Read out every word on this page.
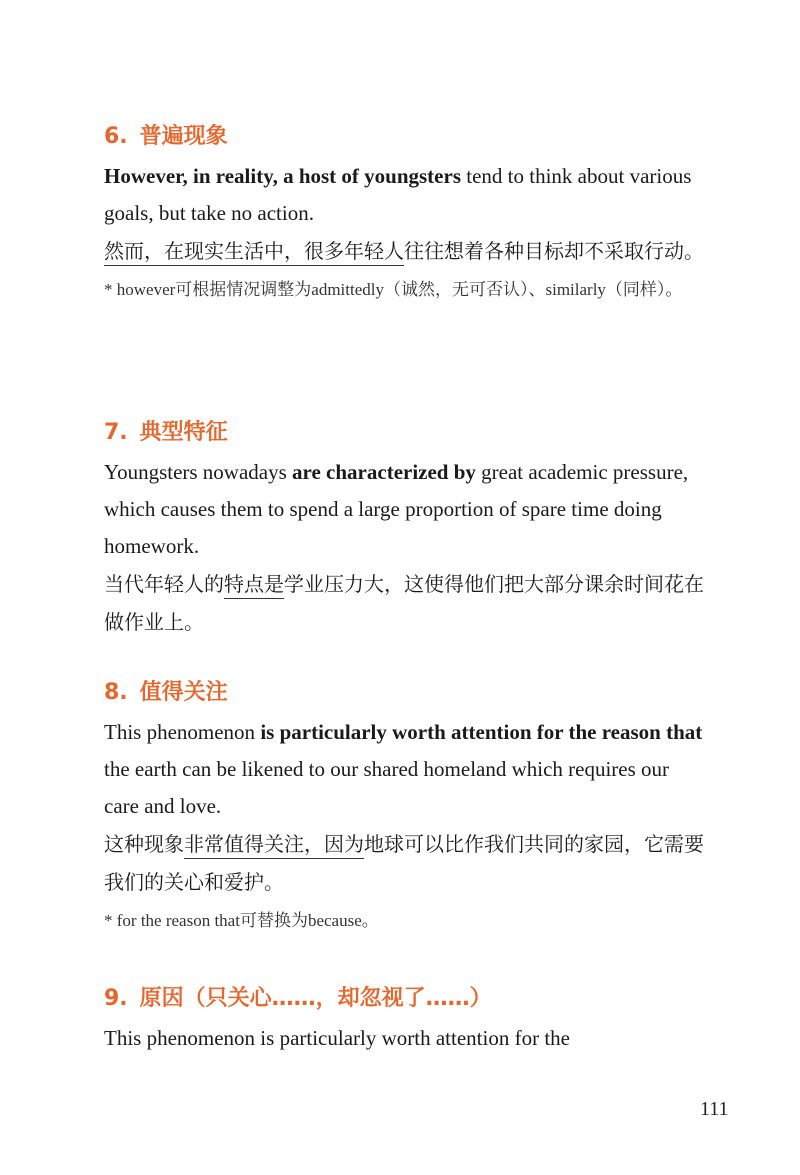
6. 普遍现象
However, in reality, a host of youngsters tend to think about various goals, but take no action.
然而，在现实生活中，很多年轻人往往想着各种目标却不采取行动。
* however可根据情况调整为admittedly（诚然，无可否认）、similarly（同样）。
7. 典型特征
Youngsters nowadays are characterized by great academic pressure, which causes them to spend a large proportion of spare time doing homework.
当代年轻人的特点是学业压力大，这使得他们把大部分课余时间花在做作业上。
8. 值得关注
This phenomenon is particularly worth attention for the reason that the earth can be likened to our shared homeland which requires our care and love.
这种现象非常值得关注，因为地球可以比作我们共同的家园，它需要我们的关心和爱护。
* for the reason that可替换为because。
9. 原因（只关心……，却忽视了……）
This phenomenon is particularly worth attention for the
111
